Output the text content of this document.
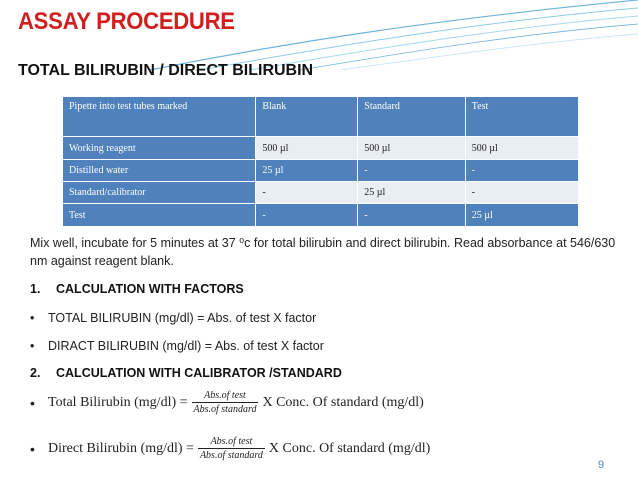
ASSAY PROCEDURE
TOTAL BILIRUBIN / DIRECT BILIRUBIN
Pipette into test tubes marked	Blank	Standard	Test
Working reagent	500 µl	500 µl	500 µl
Distilled water	25 µl	-	-
Standard/calibrator	-	25 µl	-
Test	-	-	25 µl
Mix well, incubate for 5 minutes at 37 ⁰c for total bilirubin and direct bilirubin. Read absorbance at 546/630 nm against reagent blank.
1. CALCULATION WITH FACTORS
• TOTAL BILIRUBIN (mg/dl) = Abs. of test X factor
• DIRACT BILIRUBIN (mg/dl) = Abs. of test X factor
2. CALCULATION WITH CALIBRATOR /STANDARD
• Total Bilirubin $(mg/dl) = \frac{\text{Abs.of test}}{\text{Abs.of standard}}$ X Conc. Of standard (mg/dl)
• Direct Bilirubin $(mg/dl) = \frac{\text{Abs.of test}}{\text{Abs.of standard}}$ X Conc. Of standard (mg/dl)
9
